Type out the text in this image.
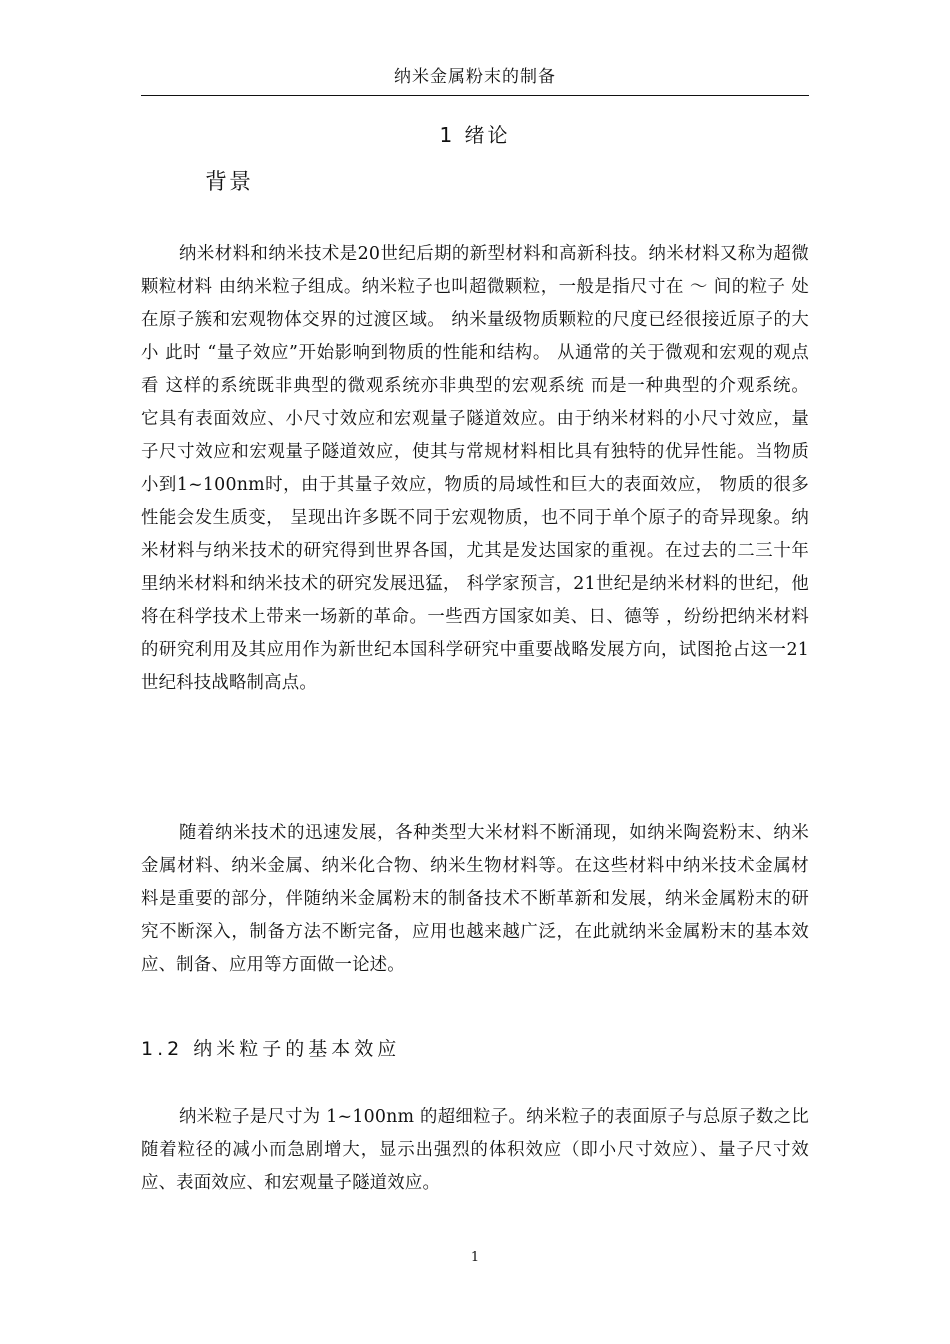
纳米金属粉末的制备
1 绪论
背景

纳米材料和纳米技术是20世纪后期的新型材料和高新科技。纳米材料又称为超微颗粒材料 由纳米粒子组成。纳米粒子也叫超微颗粒，一般是指尺寸在 ～ 间的粒子 处在原子簇和宏观物体交界的过渡区域。 纳米量级物质颗粒的尺度已经很接近原子的大小 此时 “量子效应”开始影响到物质的性能和结构。 从通常的关于微观和宏观的观点看 这样的系统既非典型的微观系统亦非典型的宏观系统 而是一种典型的介观系统。 它具有表面效应、小尺寸效应和宏观量子隧道效应。由于纳米材料的小尺寸效应，量子尺寸效应和宏观量子隧道效应，使其与常规材料相比具有独特的优异性能。当物质小到1~100nm时，由于其量子效应，物质的局域性和巨大的表面效应， 物质的很多性能会发生质变， 呈现出许多既不同于宏观物质，也不同于单个原子的奇异现象。纳米材料与纳米技术的研究得到世界各国，尤其是发达国家的重视。在过去的二三十年里纳米材料和纳米技术的研究发展迅猛， 科学家预言，21世纪是纳米材料的世纪，他将在科学技术上带来一场新的革命。一些西方国家如美、日、德等 ，纷纷把纳米材料的研究利用及其应用作为新世纪本国科学研究中重要战略发展方向，试图抢占这一21世纪科技战略制高点。

随着纳米技术的迅速发展，各种类型大米材料不断涌现，如纳米陶瓷粉末、纳米金属材料、纳米金属、纳米化合物、纳米生物材料等。在这些材料中纳米技术金属材料是重要的部分，伴随纳米金属粉末的制备技术不断革新和发展，纳米金属粉末的研究不断深入，制备方法不断完备，应用也越来越广泛，在此就纳米金属粉末的基本效应、制备、应用等方面做一论述。

1.2 纳米粒子的基本效应

纳米粒子是尺寸为 1~100nm 的超细粒子。纳米粒子的表面原子与总原子数之比随着粒径的减小而急剧增大，显示出强烈的体积效应（即小尺寸效应）、量子尺寸效应、表面效应、和宏观量子隧道效应。

1
